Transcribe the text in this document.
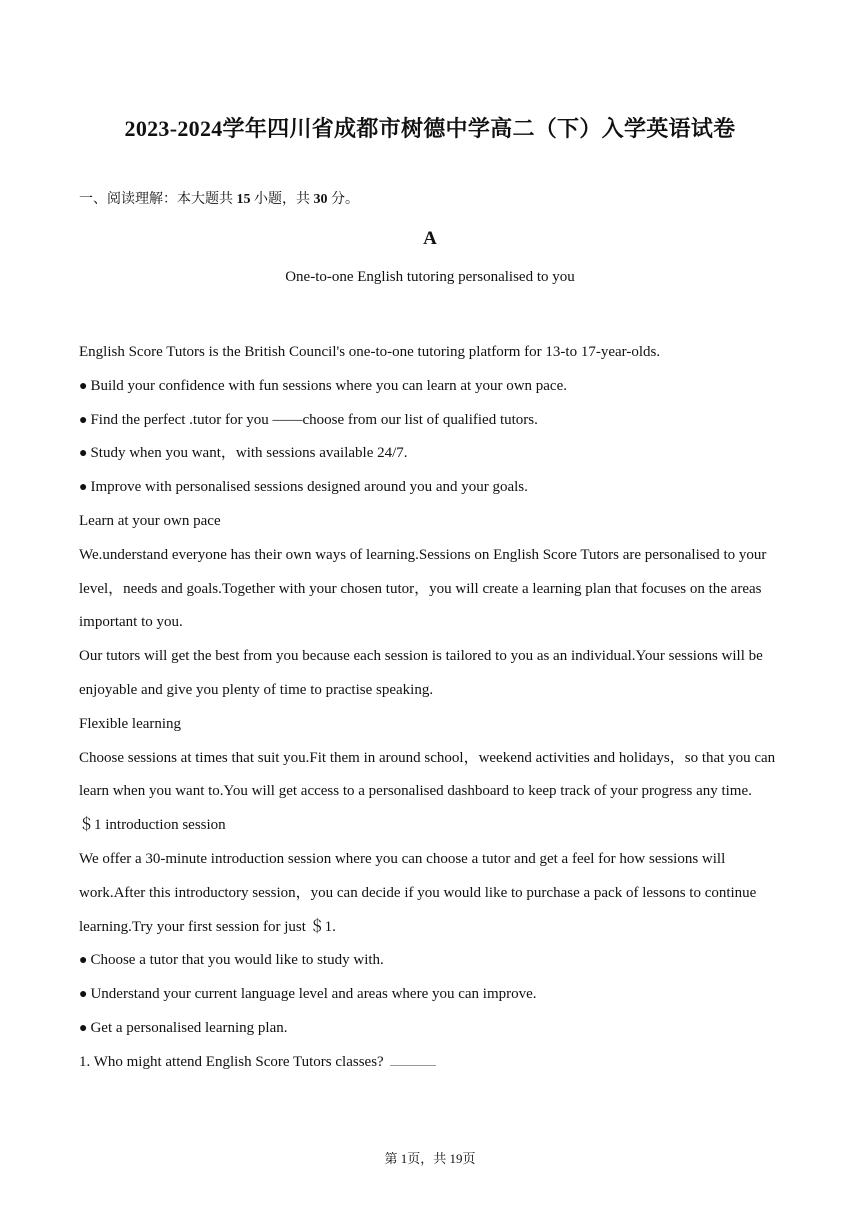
2023-2024学年四川省成都市树德中学高二（下）入学英语试卷
一、阅读理解：本大题共 15 小题，共 30 分。
A
One-to-one English tutoring personalised to you

English Score Tutors is the British Council's one-to-one tutoring platform for 13-to 17-year-olds.

● Build your confidence with fun sessions where you can learn at your own pace.

● Find the perfect .tutor for you ——choose from our list of qualified tutors.

● Study when you want，with sessions available 24/7.

● Improve with personalised sessions designed around you and your goals.

Learn at your own pace

We.understand everyone has their own ways of learning.Sessions on English Score Tutors are personalised to your

level，needs and goals.Together with your chosen tutor，you will create a learning plan that focuses on the areas

important to you.

Our tutors will get the best from you because each session is tailored to you as an individual.Your sessions will be

enjoyable and give you plenty of time to practise speaking.

Flexible learning

Choose sessions at times that suit you.Fit them in around school，weekend activities and holidays，so that you can

learn when you want to.You will get access to a personalised dashboard to keep track of your progress any time.

＄1 introduction session

We offer a 30-minute introduction session where you can choose a tutor and get a feel for how sessions will

work.After this introductory session，you can decide if you would like to purchase a pack of lessons to continue

learning.Try your first session for just ＄1.

● Choose a tutor that you would like to study with.

● Understand your current language level and areas where you can improve.

● Get a personalised learning plan.

1. Who might attend English Score Tutors classes?

第 1页，共 19页
